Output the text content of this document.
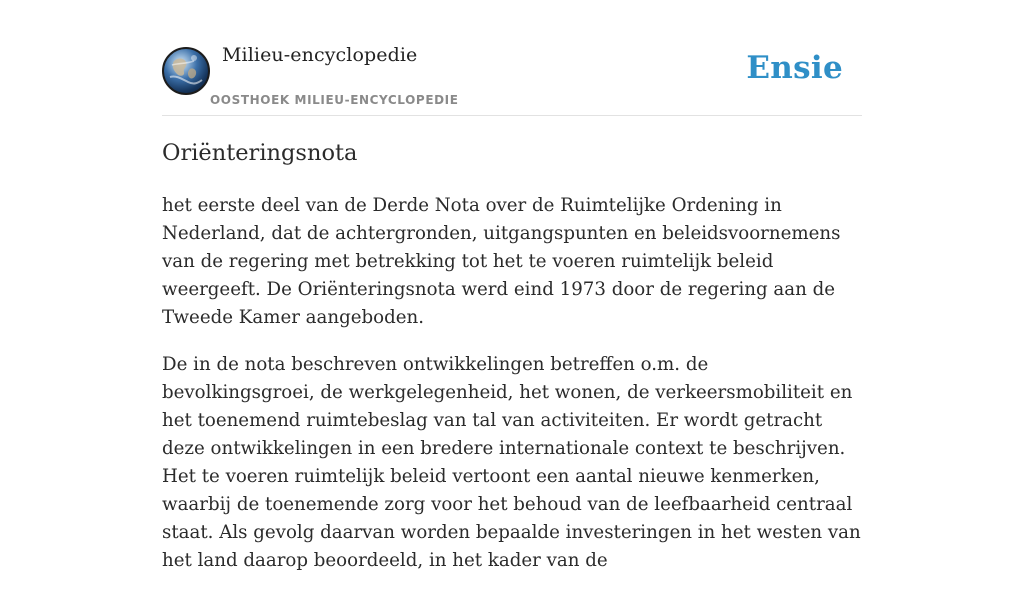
Milieu-encyclopedie
OOSTHOEK MILIEU-ENCYCLOPEDIE
Ensie
Oriënteringsnota

het eerste deel van de Derde Nota over de Ruimtelijke Ordening in Nederland, dat de achtergronden, uitgangspunten en beleidsvoornemens van de regering met betrekking tot het te voeren ruimtelijk beleid weergeeft. De Oriënteringsnota werd eind 1973 door de regering aan de Tweede Kamer aangeboden.

De in de nota beschreven ontwikkelingen betreffen o.m. de bevolkingsgroei, de werkgelegenheid, het wonen, de verkeersmobiliteit en het toenemend ruimtebeslag van tal van activiteiten. Er wordt getracht deze ontwikkelingen in een bredere internationale context te beschrijven. Het te voeren ruimtelijk beleid vertoont een aantal nieuwe kenmerken, waarbij de toenemende zorg voor het behoud van de leefbaarheid centraal staat. Als gevolg daarvan worden bepaalde investeringen in het westen van het land daarop beoordeeld, in het kader van de
